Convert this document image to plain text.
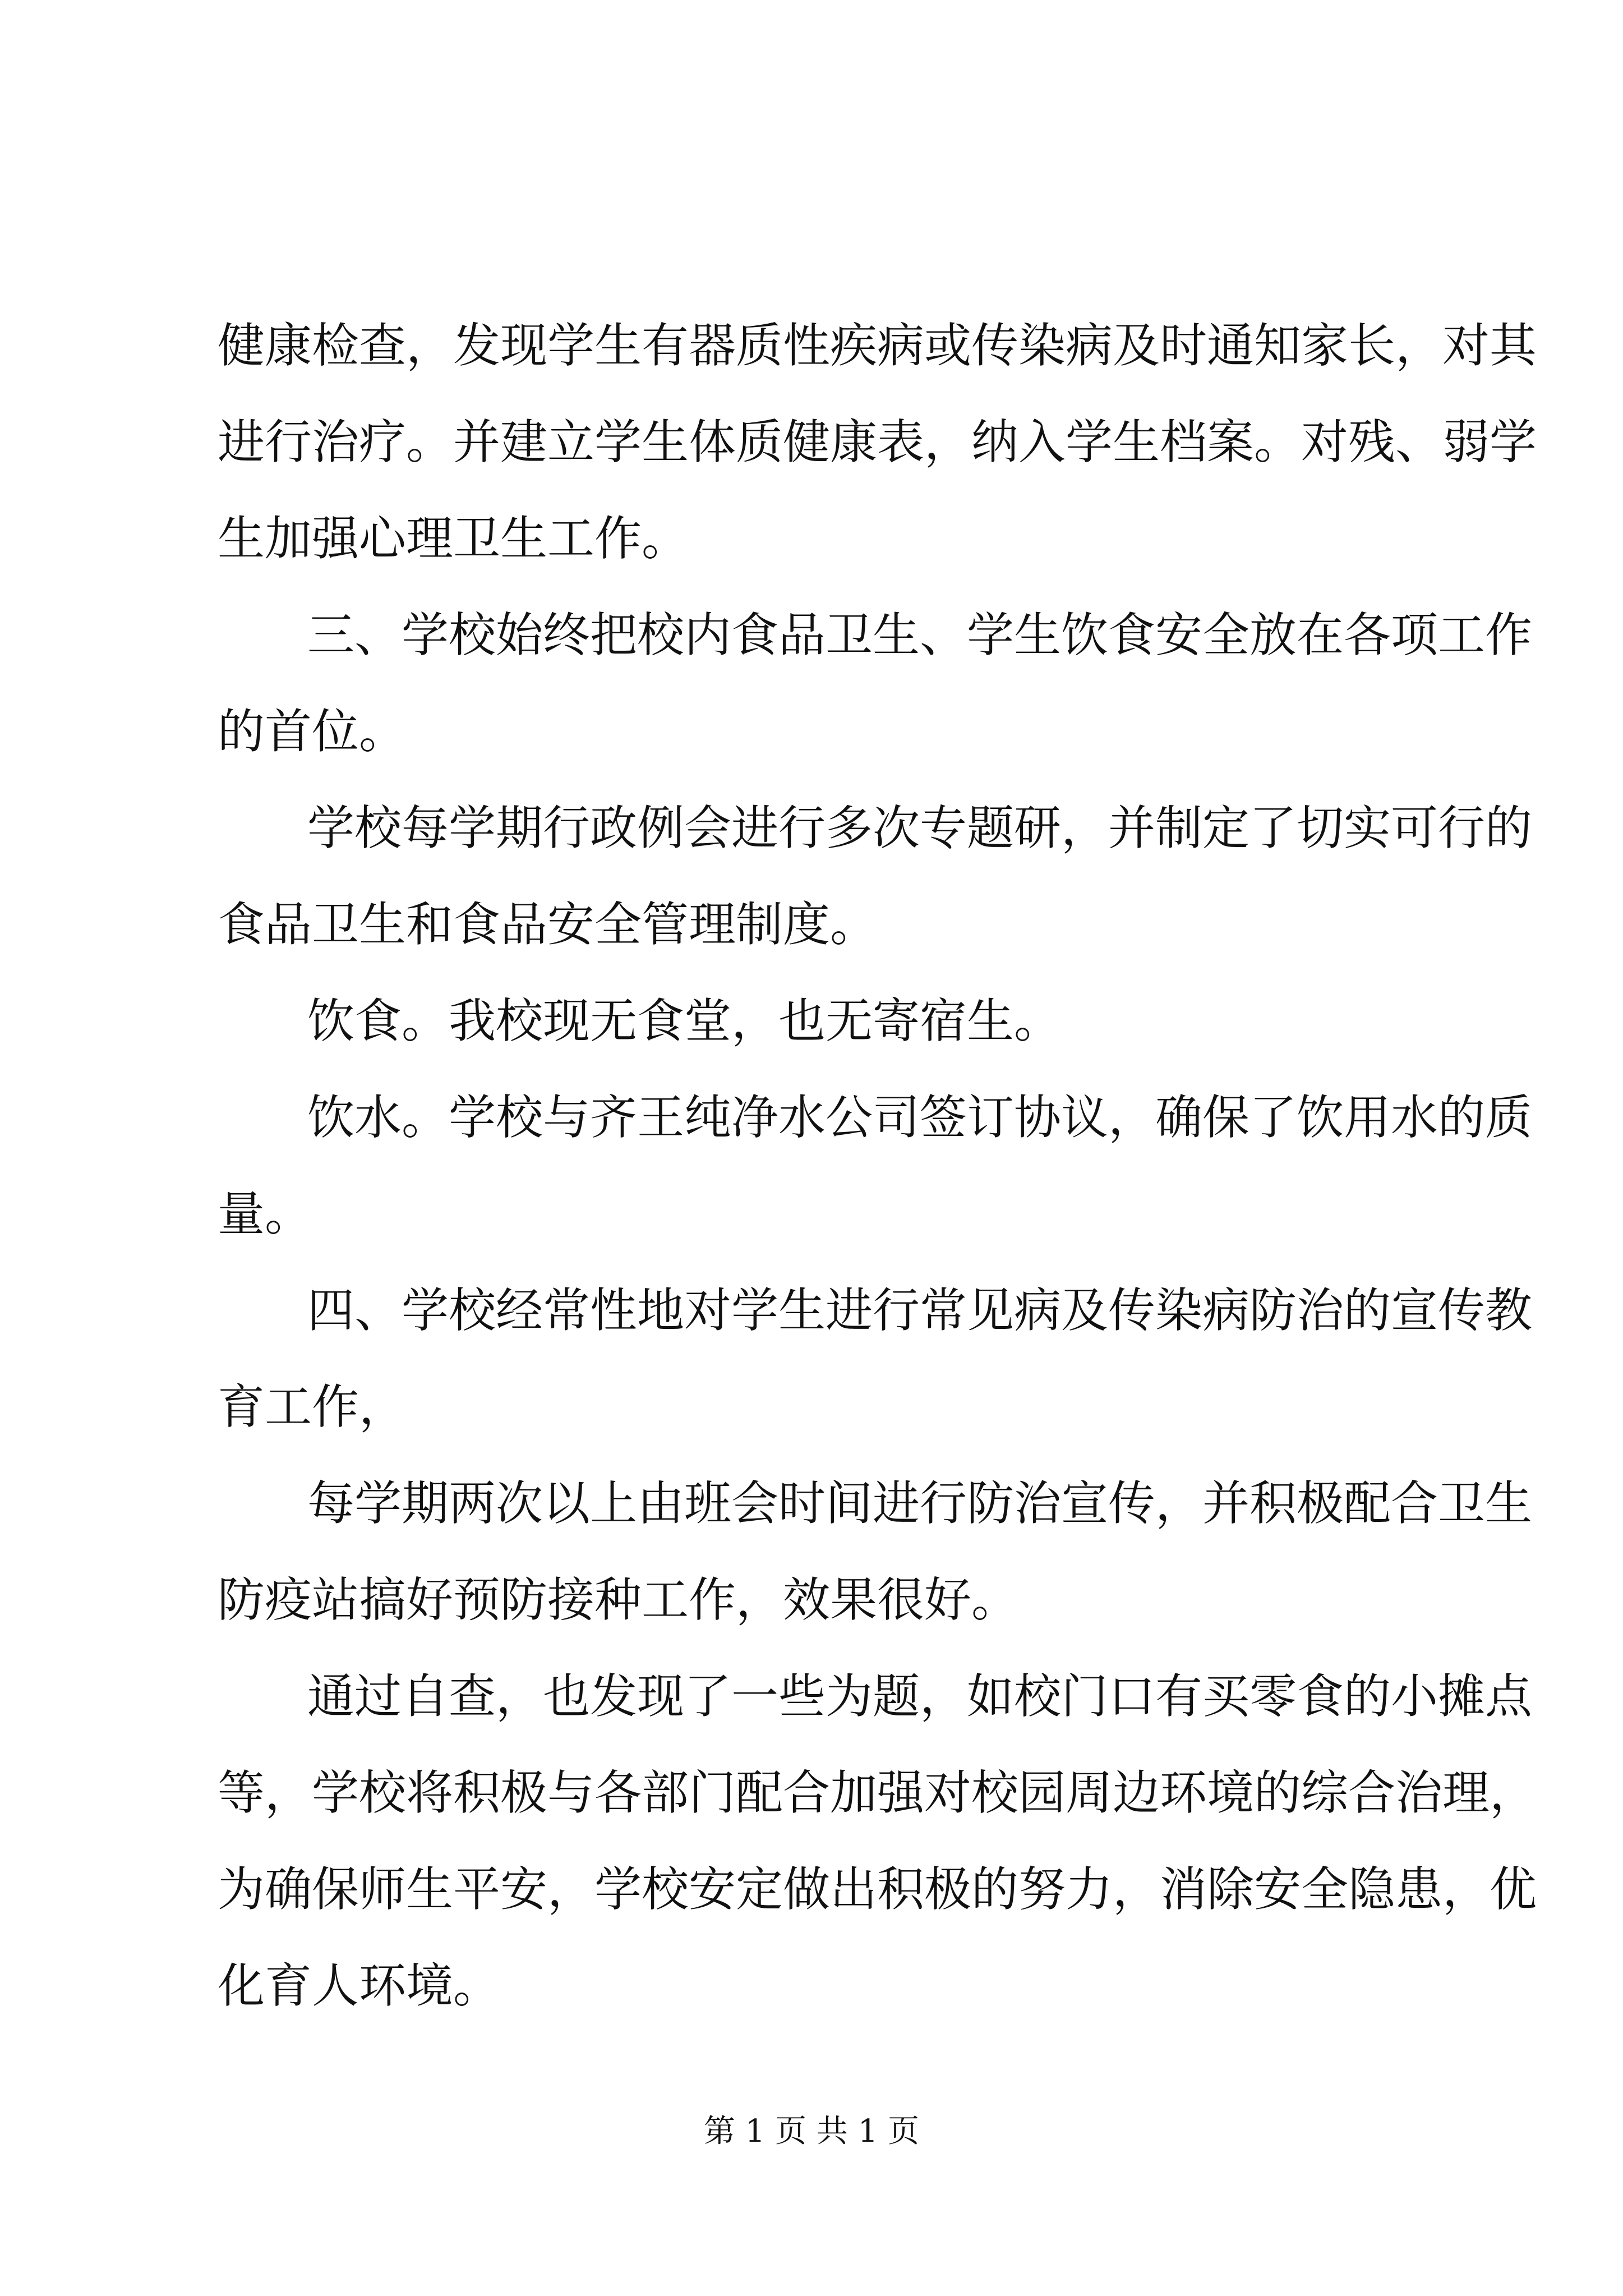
健康检查，发现学生有器质性疾病或传染病及时通知家长，对其
进行治疗。并建立学生体质健康表，纳入学生档案。对残、弱学
生加强心理卫生工作。
三、学校始终把校内食品卫生、学生饮食安全放在各项工作
的首位。
学校每学期行政例会进行多次专题研，并制定了切实可行的
食品卫生和食品安全管理制度。
饮食。我校现无食堂，也无寄宿生。
饮水。学校与齐王纯净水公司签订协议，确保了饮用水的质
量。
四、学校经常性地对学生进行常见病及传染病防治的宣传教
育工作，
每学期两次以上由班会时间进行防治宣传，并积极配合卫生
防疫站搞好预防接种工作，效果很好。
通过自查，也发现了一些为题，如校门口有买零食的小摊点
等，学校将积极与各部门配合加强对校园周边环境的综合治理，
为确保师生平安，学校安定做出积极的努力，消除安全隐患，优
化育人环境。
第 1 页 共 1 页
